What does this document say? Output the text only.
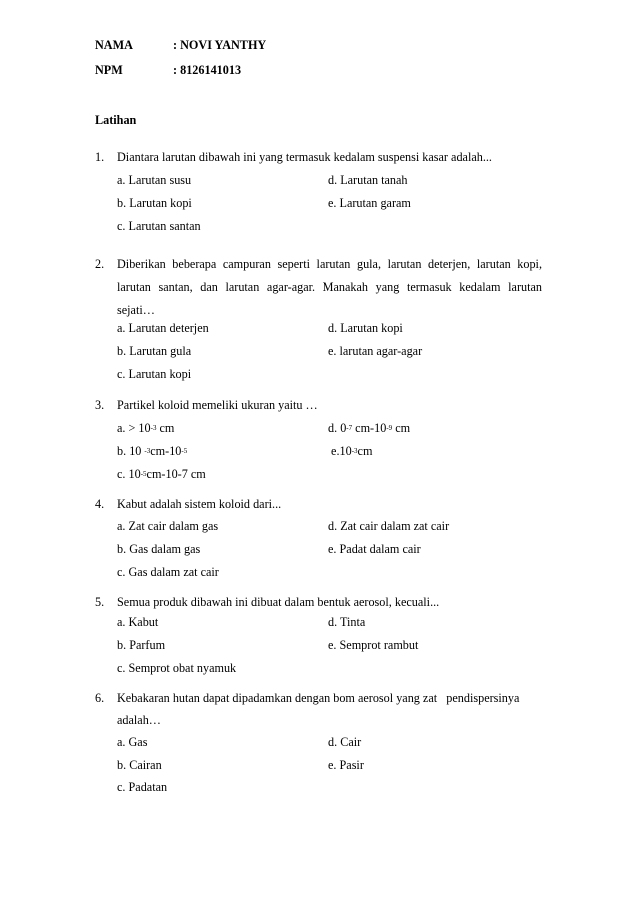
NAMA	: NOVI YANTHY
NPM	: 8126141013
Latihan
1. Diantara larutan dibawah ini yang termasuk kedalam suspensi kasar adalah...
a. Larutan susu	d. Larutan tanah
b. Larutan kopi	e. Larutan garam
c. Larutan santan
2. Diberikan beberapa campuran seperti larutan gula, larutan deterjen, larutan kopi,
larutan santan, dan larutan agar-agar. Manakah yang termasuk kedalam larutan
sejati…
a. Larutan deterjen	d. Larutan kopi
b. Larutan gula	e. larutan agar-agar
c. Larutan kopi
3. Partikel koloid memeliki ukuran yaitu …
a. > $10^{-3}$ cm	d. $0^{-7}$ $cm-10^{-9}$ cm
b. 10 $^{-3}cm-10^{-5}$	$e.10^{-3}cm$
c. $10^{-5}cm-10-7$ cm
4. Kabut adalah sistem koloid dari...
a. Zat cair dalam gas	d. Zat cair dalam zat cair
b. Gas dalam gas	e. Padat dalam cair
c. Gas dalam zat cair
5. Semua produk dibawah ini dibuat dalam bentuk aerosol, kecuali...
a. Kabut	d. Tinta
b. Parfum	e. Semprot rambut
c. Semprot obat nyamuk
6. Kebakaran hutan dapat dipadamkan dengan bom aerosol yang zat   pendispersinya
adalah…
a. Gas	d. Cair
b. Cairan	e. Pasir
c. Padatan
